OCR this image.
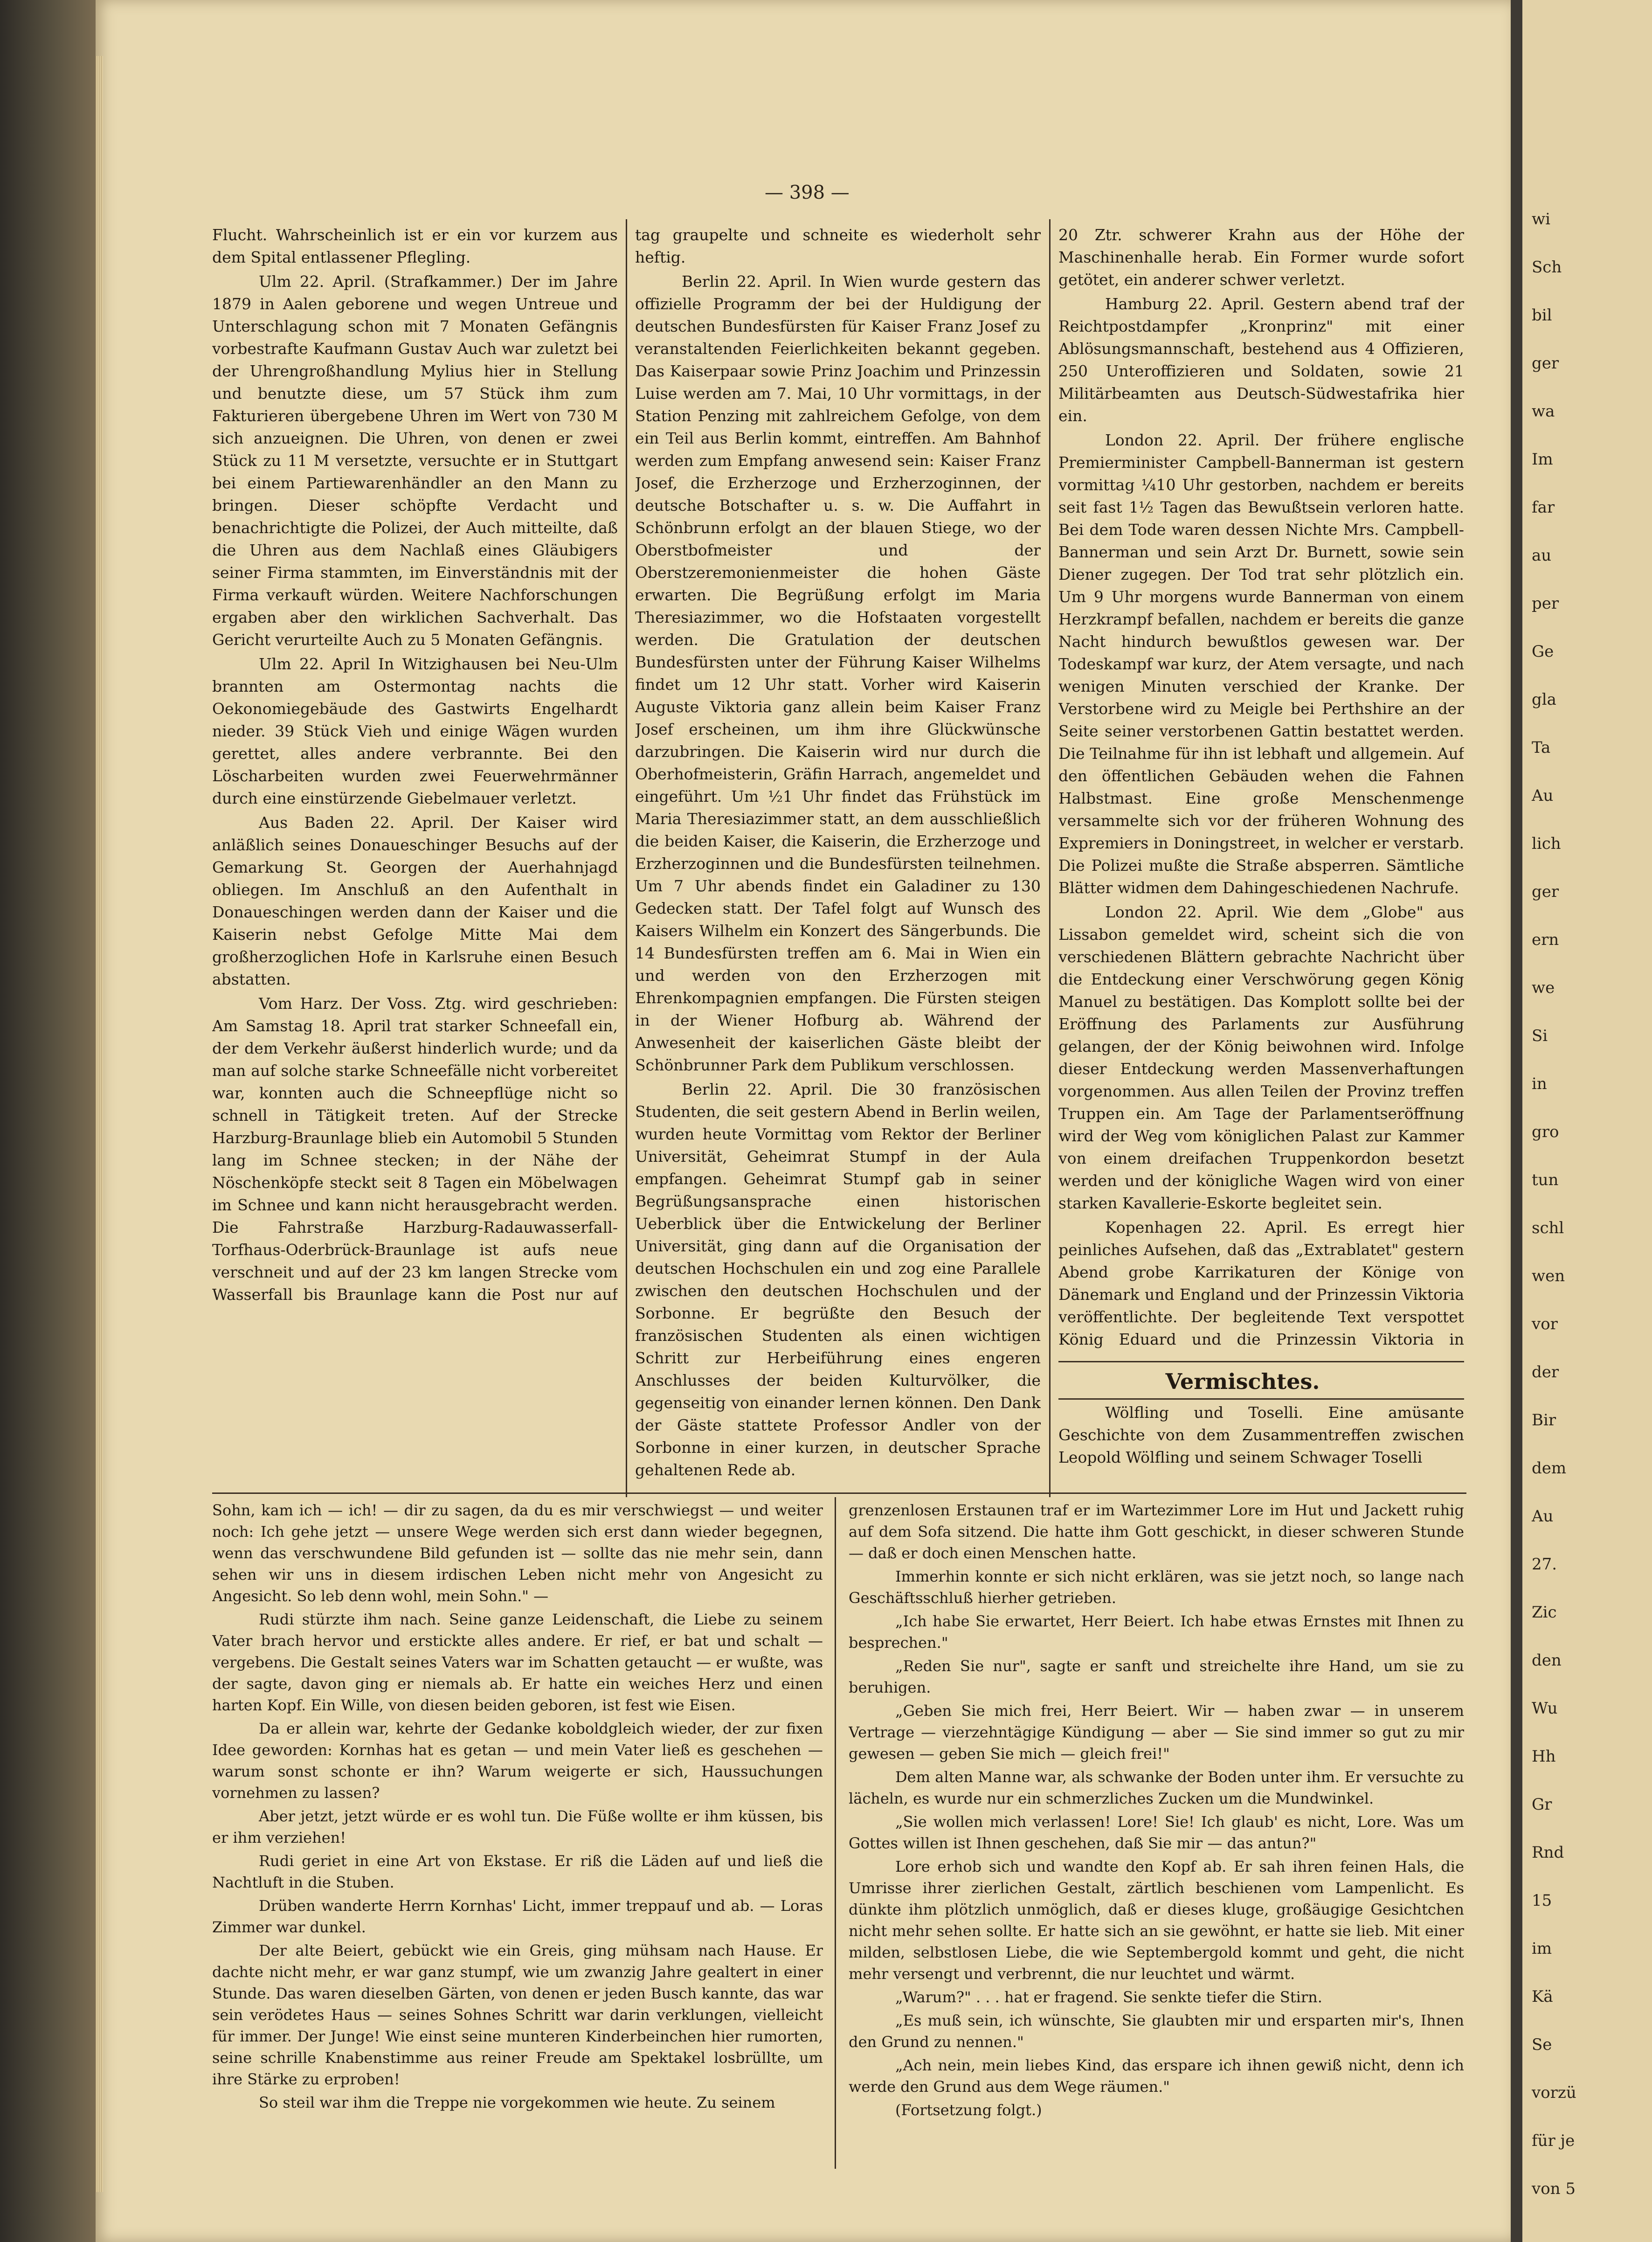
— 398 —

Flucht. Wahrscheinlich ist er ein vor kurzem aus dem Spital entlassener Pflegling.

Ulm 22. April. (Strafkammer.) Der im Jahre 1879 in Aalen geborene und wegen Untreue und Unterschlagung schon mit 7 Monaten Gefängnis vorbestrafte Kaufmann Gustav Auch war zuletzt bei der Uhrengroßhandlung Mylius hier in Stellung und benutzte diese, um 57 Stück ihm zum Fakturieren übergebene Uhren im Wert von 730 M sich anzueignen. Die Uhren, von denen er zwei Stück zu 11 M versetzte, versuchte er in Stuttgart bei einem Partiewarenhändler an den Mann zu bringen. Dieser schöpfte Verdacht und benachrichtigte die Polizei, der Auch mitteilte, daß die Uhren aus dem Nachlaß eines Gläubigers seiner Firma stammten, im Einverständnis mit der Firma verkauft würden. Weitere Nachforschungen ergaben aber den wirklichen Sachverhalt. Das Gericht verurteilte Auch zu 5 Monaten Gefängnis.

Ulm 22. April In Witzighausen bei Neu-Ulm brannten am Ostermontag nachts die Oekonomiegebäude des Gastwirts Engelhardt nieder. 39 Stück Vieh und einige Wägen wurden gerettet, alles andere verbrannte. Bei den Löscharbeiten wurden zwei Feuerwehrmänner durch eine einstürzende Giebelmauer verletzt.

Aus Baden 22. April. Der Kaiser wird anläßlich seines Donaueschinger Besuchs auf der Gemarkung St. Georgen der Auerhahnjagd obliegen. Im Anschluß an den Aufenthalt in Donaueschingen werden dann der Kaiser und die Kaiserin nebst Gefolge Mitte Mai dem großherzoglichen Hofe in Karlsruhe einen Besuch abstatten.

Vom Harz. Der Voss. Ztg. wird geschrieben: Am Samstag 18. April trat starker Schneefall ein, der dem Verkehr äußerst hinderlich wurde; und da man auf solche starke Schneefälle nicht vorbereitet war, konnten auch die Schneepflüge nicht so schnell in Tätigkeit treten. Auf der Strecke Harzburg-Braunlage blieb ein Automobil 5 Stunden lang im Schnee stecken; in der Nähe der Nöschenköpfe steckt seit 8 Tagen ein Möbelwagen im Schnee und kann nicht herausgebracht werden. Die Fahrstraße Harzburg-Radauwasserfall-Torfhaus-Oderbrück-Braunlage ist aufs neue verschneit und auf der 23 km langen Strecke vom Wasserfall bis Braunlage kann die Post nur auf

tag graupelte und schneite es wiederholt sehr heftig.

Berlin 22. April. In Wien wurde gestern das offizielle Programm der bei der Huldigung der deutschen Bundesfürsten für Kaiser Franz Josef zu veranstaltenden Feierlichkeiten bekannt gegeben. Das Kaiserpaar sowie Prinz Joachim und Prinzessin Luise werden am 7. Mai, 10 Uhr vormittags, in der Station Penzing mit zahlreichem Gefolge, von dem ein Teil aus Berlin kommt, eintreffen. Am Bahnhof werden zum Empfang anwesend sein: Kaiser Franz Josef, die Erzherzoge und Erzherzoginnen, der deutsche Botschafter u. s. w. Die Auffahrt in Schönbrunn erfolgt an der blauen Stiege, wo der Oberstbofmeister und der Oberstzeremonienmeister die hohen Gäste erwarten. Die Begrüßung erfolgt im Maria Theresiazimmer, wo die Hofstaaten vorgestellt werden. Die Gratulation der deutschen Bundesfürsten unter der Führung Kaiser Wilhelms findet um 12 Uhr statt. Vorher wird Kaiserin Auguste Viktoria ganz allein beim Kaiser Franz Josef erscheinen, um ihm ihre Glückwünsche darzubringen. Die Kaiserin wird nur durch die Oberhofmeisterin, Gräfin Harrach, angemeldet und eingeführt. Um ½1 Uhr findet das Frühstück im Maria Theresiazimmer statt, an dem ausschließlich die beiden Kaiser, die Kaiserin, die Erzherzoge und Erzherzoginnen und die Bundesfürsten teilnehmen. Um 7 Uhr abends findet ein Galadiner zu 130 Gedecken statt. Der Tafel folgt auf Wunsch des Kaisers Wilhelm ein Konzert des Sängerbunds. Die 14 Bundesfürsten treffen am 6. Mai in Wien ein und werden von den Erzherzogen mit Ehrenkompagnien empfangen. Die Fürsten steigen in der Wiener Hofburg ab. Während der Anwesenheit der kaiserlichen Gäste bleibt der Schönbrunner Park dem Publikum verschlossen.

Berlin 22. April. Die 30 französischen Studenten, die seit gestern Abend in Berlin weilen, wurden heute Vormittag vom Rektor der Berliner Universität, Geheimrat Stumpf in der Aula empfangen. Geheimrat Stumpf gab in seiner Begrüßungsansprache einen historischen Ueberblick über die Entwickelung der Berliner Universität, ging dann auf die Organisation der deutschen Hochschulen ein und zog eine Parallele zwischen den deutschen Hochschulen und der Sorbonne. Er begrüßte den Besuch der französischen Studenten als einen wichtigen Schritt zur Herbeiführung eines engeren Anschlusses der beiden Kulturvölker, die gegenseitig von einander lernen können. Den Dank der Gäste stattete Professor Andler von der Sorbonne in einer kurzen, in deutscher Sprache gehaltenen Rede ab.

20 Ztr. schwerer Krahn aus der Höhe der Maschinenhalle herab. Ein Former wurde sofort getötet, ein anderer schwer verletzt.

Hamburg 22. April. Gestern abend traf der Reichtpostdampfer „Kronprinz" mit einer Ablösungsmannschaft, bestehend aus 4 Offizieren, 250 Unteroffizieren und Soldaten, sowie 21 Militärbeamten aus Deutsch-Südwestafrika hier ein.

London 22. April. Der frühere englische Premierminister Campbell-Bannerman ist gestern vormittag ¼10 Uhr gestorben, nachdem er bereits seit fast 1½ Tagen das Bewußtsein verloren hatte. Bei dem Tode waren dessen Nichte Mrs. Campbell-Bannerman und sein Arzt Dr. Burnett, sowie sein Diener zugegen. Der Tod trat sehr plötzlich ein. Um 9 Uhr morgens wurde Bannerman von einem Herzkrampf befallen, nachdem er bereits die ganze Nacht hindurch bewußtlos gewesen war. Der Todeskampf war kurz, der Atem versagte, und nach wenigen Minuten verschied der Kranke. Der Verstorbene wird zu Meigle bei Perthshire an der Seite seiner verstorbenen Gattin bestattet werden. Die Teilnahme für ihn ist lebhaft und allgemein. Auf den öffentlichen Gebäuden wehen die Fahnen Halbstmast. Eine große Menschenmenge versammelte sich vor der früheren Wohnung des Expremiers in Doningstreet, in welcher er verstarb. Die Polizei mußte die Straße absperren. Sämtliche Blätter widmen dem Dahingeschiedenen Nachrufe.

London 22. April. Wie dem „Globe" aus Lissabon gemeldet wird, scheint sich die von verschiedenen Blättern gebrachte Nachricht über die Entdeckung einer Verschwörung gegen König Manuel zu bestätigen. Das Komplott sollte bei der Eröffnung des Parlaments zur Ausführung gelangen, der der König beiwohnen wird. Infolge dieser Entdeckung werden Massenverhaftungen vorgenommen. Aus allen Teilen der Provinz treffen Truppen ein. Am Tage der Parlamentseröffnung wird der Weg vom königlichen Palast zur Kammer von einem dreifachen Truppenkordon besetzt werden und der königliche Wagen wird von einer starken Kavallerie-Eskorte begleitet sein.

Kopenhagen 22. April. Es erregt hier peinliches Aufsehen, daß das „Extrablatet" gestern Abend grobe Karrikaturen der Könige von Dänemark und England und der Prinzessin Viktoria veröffentlichte. Der begleitende Text verspottet König Eduard und die Prinzessin Viktoria in

Vermischtes.

Wölfling und Toselli. Eine amüsante Geschichte von dem Zusammentreffen zwischen Leopold Wölfling und seinem Schwager Toselli

Sohn, kam ich — ich! — dir zu sagen, da du es mir verschwiegst — und weiter noch: Ich gehe jetzt — unsere Wege werden sich erst dann wieder begegnen, wenn das verschwundene Bild gefunden ist — sollte das nie mehr sein, dann sehen wir uns in diesem irdischen Leben nicht mehr von Angesicht zu Angesicht. So leb denn wohl, mein Sohn." —

Rudi stürzte ihm nach. Seine ganze Leidenschaft, die Liebe zu seinem Vater brach hervor und erstickte alles andere. Er rief, er bat und schalt — vergebens. Die Gestalt seines Vaters war im Schatten getaucht — er wußte, was der sagte, davon ging er niemals ab. Er hatte ein weiches Herz und einen harten Kopf. Ein Wille, von diesen beiden geboren, ist fest wie Eisen.

Da er allein war, kehrte der Gedanke koboldgleich wieder, der zur fixen Idee geworden: Kornhas hat es getan — und mein Vater ließ es geschehen — warum sonst schonte er ihn? Warum weigerte er sich, Haussuchungen vornehmen zu lassen?

Aber jetzt, jetzt würde er es wohl tun. Die Füße wollte er ihm küssen, bis er ihm verziehen!

Rudi geriet in eine Art von Ekstase. Er riß die Läden auf und ließ die Nachtluft in die Stuben.

Drüben wanderte Herrn Kornhas' Licht, immer treppauf und ab. — Loras Zimmer war dunkel.

Der alte Beiert, gebückt wie ein Greis, ging mühsam nach Hause. Er dachte nicht mehr, er war ganz stumpf, wie um zwanzig Jahre gealtert in einer Stunde. Das waren dieselben Gärten, von denen er jeden Busch kannte, das war sein verödetes Haus — seines Sohnes Schritt war darin verklungen, vielleicht für immer. Der Junge! Wie einst seine munteren Kinderbeinchen hier rumorten, seine schrille Knabenstimme aus reiner Freude am Spektakel losbrüllte, um ihre Stärke zu erproben!

So steil war ihm die Treppe nie vorgekommen wie heute. Zu seinem

grenzenlosen Erstaunen traf er im Wartezimmer Lore im Hut und Jackett ruhig auf dem Sofa sitzend. Die hatte ihm Gott geschickt, in dieser schweren Stunde — daß er doch einen Menschen hatte.

Immerhin konnte er sich nicht erklären, was sie jetzt noch, so lange nach Geschäftsschluß hierher getrieben.

„Ich habe Sie erwartet, Herr Beiert. Ich habe etwas Ernstes mit Ihnen zu besprechen."

„Reden Sie nur", sagte er sanft und streichelte ihre Hand, um sie zu beruhigen.

„Geben Sie mich frei, Herr Beiert. Wir — haben zwar — in unserem Vertrage — vierzehntägige Kündigung — aber — Sie sind immer so gut zu mir gewesen — geben Sie mich — gleich frei!"

Dem alten Manne war, als schwanke der Boden unter ihm. Er versuchte zu lächeln, es wurde nur ein schmerzliches Zucken um die Mundwinkel.

„Sie wollen mich verlassen! Lore! Sie! Ich glaub' es nicht, Lore. Was um Gottes willen ist Ihnen geschehen, daß Sie mir — das antun?"

Lore erhob sich und wandte den Kopf ab. Er sah ihren feinen Hals, die Umrisse ihrer zierlichen Gestalt, zärtlich beschienen vom Lampenlicht. Es dünkte ihm plötzlich unmöglich, daß er dieses kluge, großäugige Gesichtchen nicht mehr sehen sollte. Er hatte sich an sie gewöhnt, er hatte sie lieb. Mit einer milden, selbstlosen Liebe, die wie Septembergold kommt und geht, die nicht mehr versengt und verbrennt, die nur leuchtet und wärmt.

„Warum?" . . . hat er fragend. Sie senkte tiefer die Stirn.

„Es muß sein, ich wünschte, Sie glaubten mir und ersparten mir's, Ihnen den Grund zu nennen."

„Ach nein, mein liebes Kind, das erspare ich ihnen gewiß nicht, denn ich werde den Grund aus dem Wege räumen."

(Fortsetzung folgt.)

wi
Sch
bil
ger
wa
Im
far
au
per
Ge
gla
Ta
Au
lich
ger
ern
we
Si
in
gro
tun
schl
wen
vor
der
Bir
dem
Au
27.
Zic
den
Wu
Hh
Gr
Rnd
15
im
Kä
Se
vorzü
für je
von 5
